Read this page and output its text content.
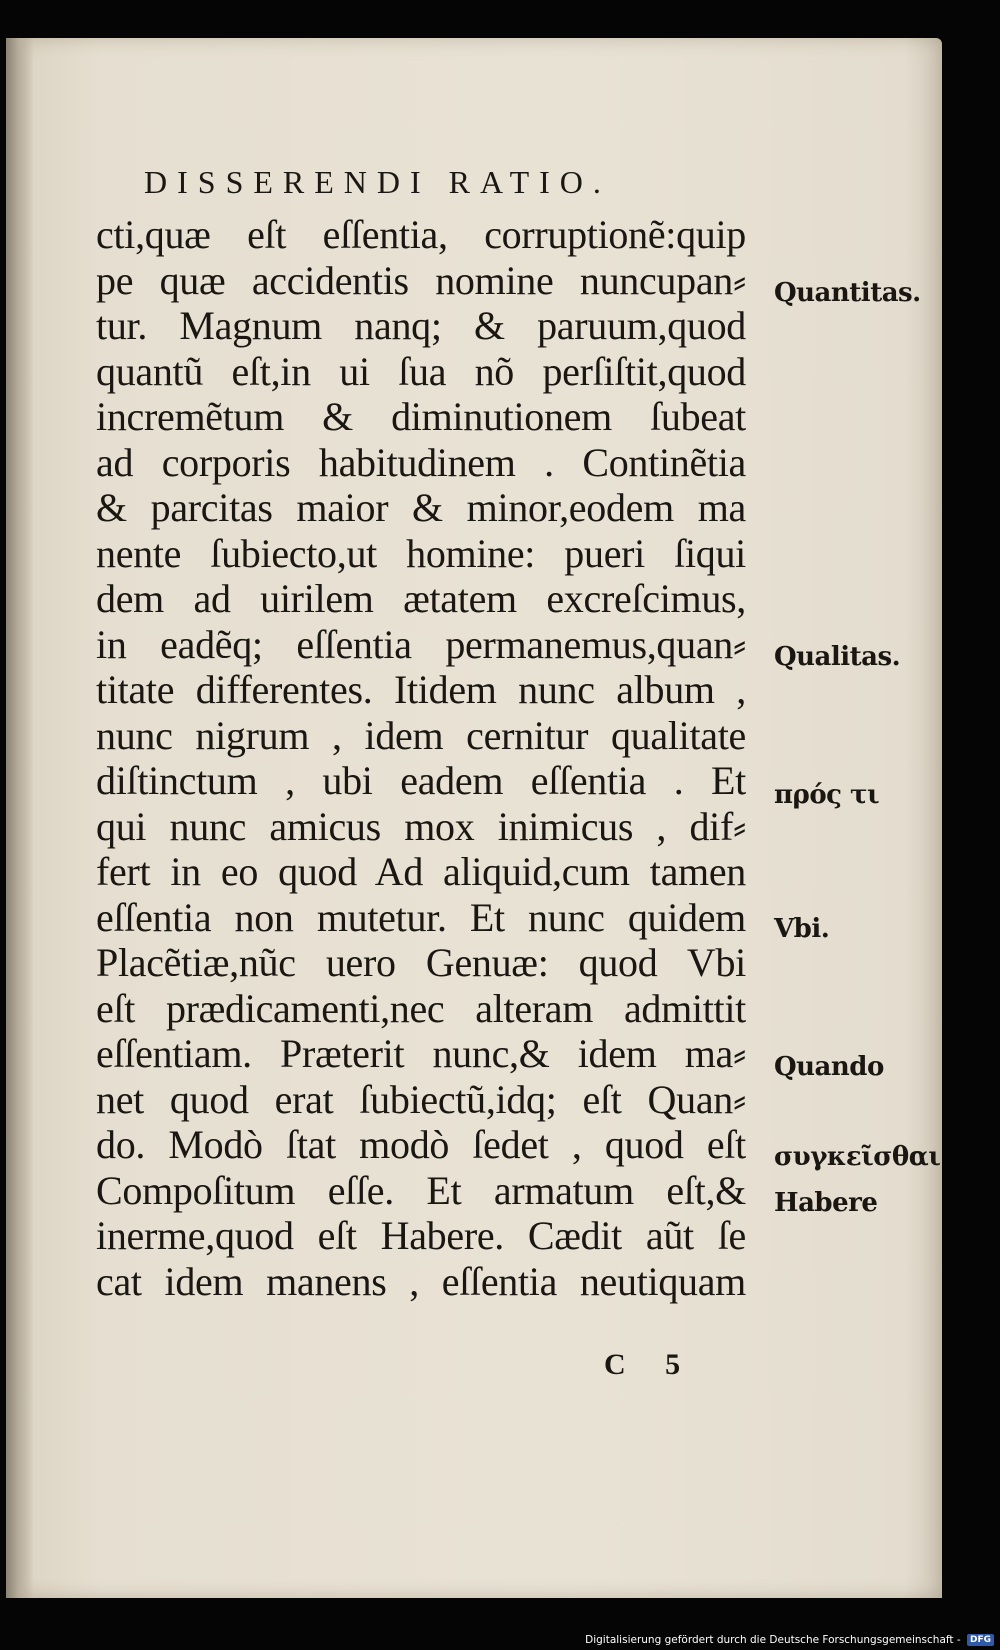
DISSERENDI RATIO.
cti,quæ eſt eſſentia, corruptionẽ:quip
pe quæ accidentis nomine nuncupan⸗
tur. Magnum nanq; & paruum,quod
quantũ eſt,in ui ſua nõ perſiſtit,quod
incremẽtum & diminutionem ſubeat
ad corporis habitudinem . Continẽtia
& parcitas maior & minor,eodem ma
nente ſubiecto,ut homine: pueri ſiqui
dem ad uirilem ætatem excreſcimus,
in eadẽq; eſſentia permanemus,quan⸗
titate differentes. Itidem nunc album ,
nunc nigrum , idem cernitur qualitate
diſtinctum , ubi eadem eſſentia . Et
qui nunc amicus mox inimicus , dif⸗
fert in eo quod Ad aliquid,cum tamen
eſſentia non mutetur. Et nunc quidem
Placẽtiæ,nũc uero Genuæ: quod Vbi
eſt prædicamenti,nec alteram admittit
eſſentiam. Præterit nunc,& idem ma⸗
net quod erat ſubiectũ,idq; eſt Quan⸗
do. Modò ſtat modò ſedet , quod eſt
Compoſitum eſſe. Et armatum eſt,&
inerme,quod eſt Habere. Cædit aũt ſe
cat idem manens , eſſentia neutiquam
Quantitas.
Qualitas.
πρός τι
Vbi.
Quando
συγκεῖσθαι
Habere
C 5
Digitalisierung gefördert durch die Deutsche Forschungsgemeinschaft - DFG
